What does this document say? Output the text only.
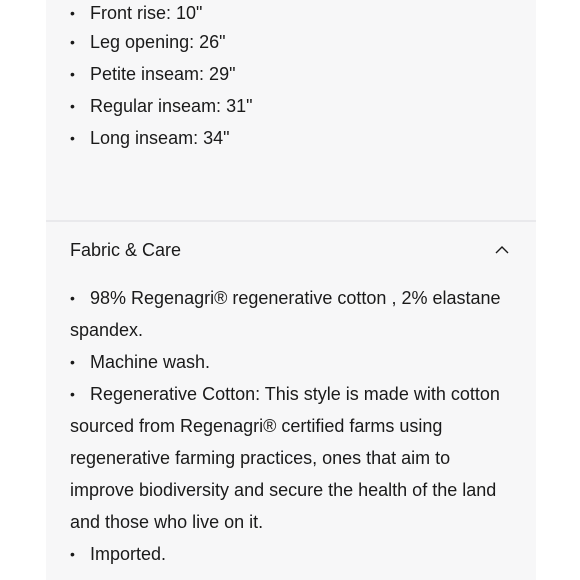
• Front rise: 10"
• Leg opening: 26"
• Petite inseam: 29"
• Regular inseam: 31"
• Long inseam: 34"
Fabric & Care

• 98% Regenagri® regenerative cotton , 2% elastane spandex.

• Machine wash.

• Regenerative Cotton: This style is made with cotton sourced from Regenagri® certified farms using regenerative farming practices, ones that aim to improve biodiversity and secure the health of the land and those who live on it.

• Imported.
